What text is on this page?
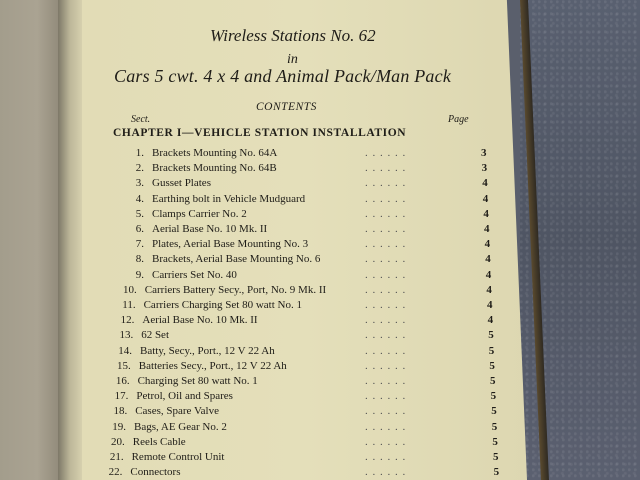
Wireless Stations No. 62
in
Cars 5 cwt. 4 x 4 and Animal Pack/Man Pack
CONTENTS
Sect.	Page
CHAPTER I—VEHICLE STATION INSTALLATION
1. Brackets Mounting No. 64A	. . . . . .	3
2. Brackets Mounting No. 64B	. . . . . .	3
3. Gusset Plates	. . . . . .	4
4. Earthing bolt in Vehicle Mudguard	. . . . . .	4
5. Clamps Carrier No. 2	. . . . . .	4
6. Aerial Base No. 10 Mk. II	. . . . . .	4
7. Plates, Aerial Base Mounting No. 3	. . . . . .	4
8. Brackets, Aerial Base Mounting No. 6	. . . . . .	4
9. Carriers Set No. 40	. . . . . .	4
10. Carriers Battery Secy., Port, No. 9 Mk. II	. . . . . .	4
11. Carriers Charging Set 80 watt No. 1	. . . . . .	4
12. Aerial Base No. 10 Mk. II	. . . . . .	4
13. 62 Set	. . . . . .	5
14. Batty, Secy., Port., 12 V 22 Ah	. . . . . .	5
15. Batteries Secy., Port., 12 V 22 Ah	. . . . . .	5
16. Charging Set 80 watt No. 1	. . . . . .	5
17. Petrol, Oil and Spares	. . . . . .	5
18. Cases, Spare Valve	. . . . . .	5
19. Bags, AE Gear No. 2	. . . . . .	5
20. Reels Cable	. . . . . .	5
21. Remote Control Unit	. . . . . .	5
22. Connectors	. . . . . .	5
